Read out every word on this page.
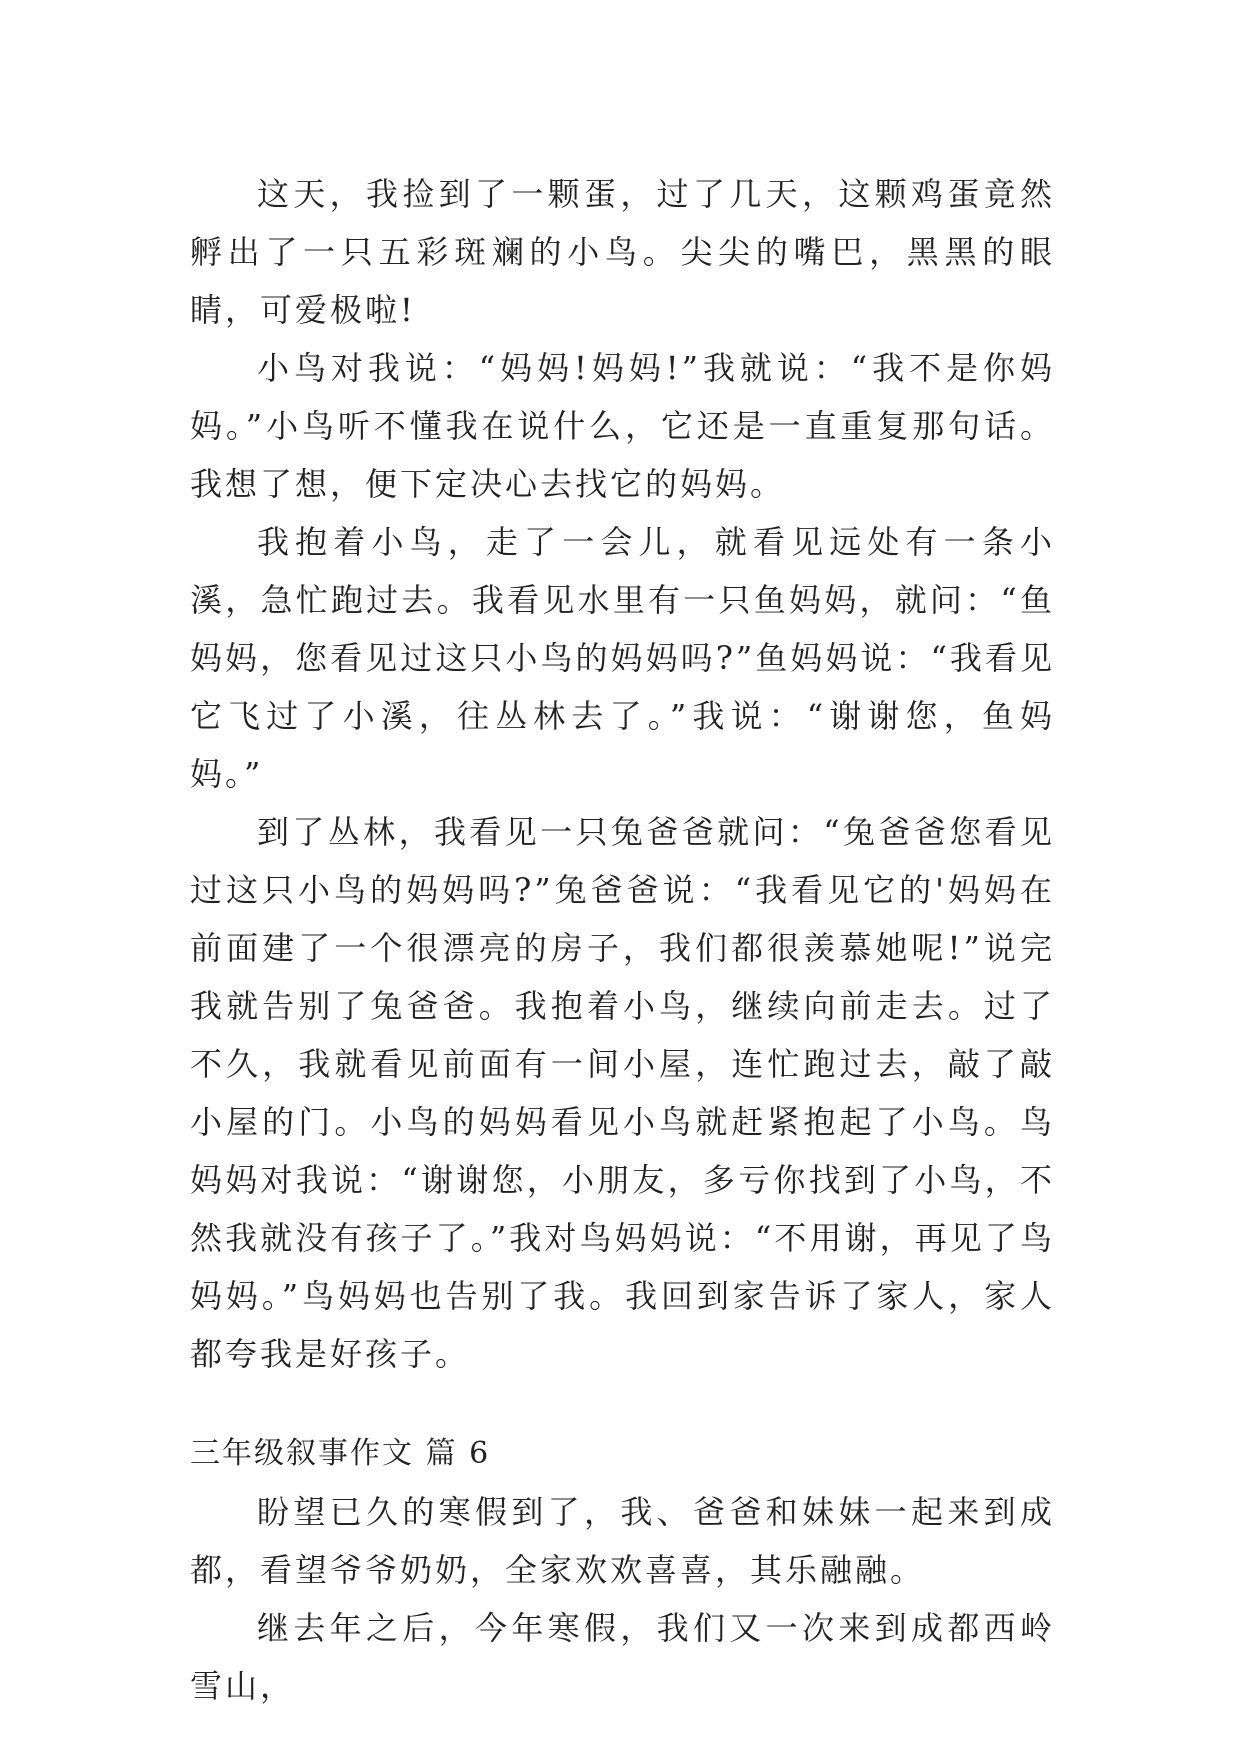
这天，我捡到了一颗蛋，过了几天，这颗鸡蛋竟然孵出了一只五彩斑斓的小鸟。尖尖的嘴巴，黑黑的眼睛，可爱极啦!

小鸟对我说：“妈妈!妈妈!”我就说：“我不是你妈妈。”小鸟听不懂我在说什么，它还是一直重复那句话。我想了想，便下定决心去找它的妈妈。

我抱着小鸟，走了一会儿，就看见远处有一条小溪，急忙跑过去。我看见水里有一只鱼妈妈，就问：“鱼妈妈，您看见过这只小鸟的妈妈吗?”鱼妈妈说：“我看见它飞过了小溪，往丛林去了。”我说：“谢谢您，鱼妈妈。”

到了丛林，我看见一只兔爸爸就问：“兔爸爸您看见过这只小鸟的妈妈吗?”兔爸爸说：“我看见它的'妈妈在前面建了一个很漂亮的房子，我们都很羡慕她呢!”说完我就告别了兔爸爸。我抱着小鸟，继续向前走去。过了不久，我就看见前面有一间小屋，连忙跑过去，敲了敲小屋的门。小鸟的妈妈看见小鸟就赶紧抱起了小鸟。鸟妈妈对我说：“谢谢您，小朋友，多亏你找到了小鸟，不然我就没有孩子了。”我对鸟妈妈说：“不用谢，再见了鸟妈妈。”鸟妈妈也告别了我。我回到家告诉了家人，家人都夸我是好孩子。

三年级叙事作文 篇 6

盼望已久的寒假到了，我、爸爸和妹妹一起来到成都，看望爷爷奶奶，全家欢欢喜喜，其乐融融。

继去年之后，今年寒假，我们又一次来到成都西岭雪山，
